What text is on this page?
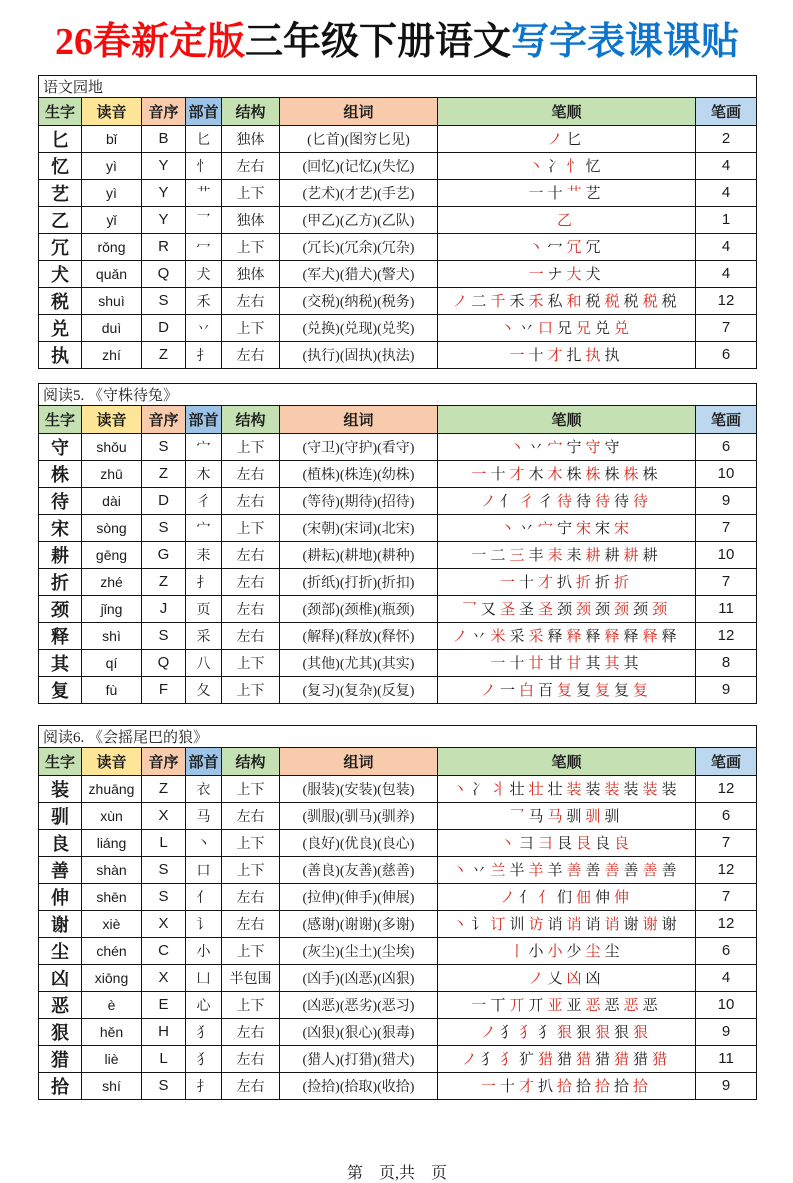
26春新定版三年级下册语文写字表课课贴
语文园地							
生字	读音	音序	部首	结构	组词	笔顺	笔画
匕	bǐ	B	匕	独体	(匕首)(图穷匕见)	ノ 匕	2
忆	yì	Y	忄	左右	(回忆)(记忆)(失忆)	丶 冫 忄 忆	4
艺	yì	Y	艹	上下	(艺术)(才艺)(手艺)	一 十 艹 艺	4
乙	yǐ	Y	乛	独体	(甲乙)(乙方)(乙队)	乙	1
冗	rǒng	R	冖	上下	(冗长)(冗余)(冗杂)	丶 冖 冗 冗	4
犬	quǎn	Q	犬	独体	(军犬)(猎犬)(警犬)	一 ナ 大 犬	4
税	shuì	S	禾	左右	(交税)(纳税)(税务)	ノ 二 千 禾 禾 私 和 税 税 税 税 税	12
兑	duì	D	丷	上下	(兑换)(兑现)(兑奖)	丶 丷 口 兄 兄 兑 兑	7
执	zhí	Z	扌	左右	(执行)(固执)(执法)	一 十 才 扎 执 执	6
阅读5. 《守株待兔》							
生字	读音	音序	部首	结构	组词	笔顺	笔画
守	shǒu	S	宀	上下	(守卫)(守护)(看守)	丶 丷 宀 宁 守 守	6
株	zhū	Z	木	左右	(植株)(株连)(幼株)	一 十 才 木 木 株 株 株 株 株	10
待	dài	D	彳	左右	(等待)(期待)(招待)	ノ 亻 彳 彳 待 待 待 待 待	9
宋	sòng	S	宀	上下	(宋朝)(宋词)(北宋)	丶 丷 宀 宁 宋 宋 宋	7
耕	gēng	G	耒	左右	(耕耘)(耕地)(耕种)	一 二 三 丰 耒 耒 耕 耕 耕 耕	10
折	zhé	Z	扌	左右	(折纸)(打折)(折扣)	一 十 才 扒 折 折 折	7
颈	jǐng	J	页	左右	(颈部)(颈椎)(瓶颈)	乛 又 圣 圣 圣 颈 颈 颈 颈 颈 颈	11
释	shì	S	采	左右	(解释)(释放)(释怀)	ノ 丷 米 采 采 释 释 释 释 释 释 释	12
其	qí	Q	八	上下	(其他)(尤其)(其实)	一 十 廿 甘 甘 其 其 其	8
复	fù	F	夂	上下	(复习)(复杂)(反复)	ノ 一 白 百 复 复 复 复 复	9
阅读6. 《会摇尾巴的狼》							
生字	读音	音序	部首	结构	组词	笔顺	笔画
装	zhuāng	Z	衣	上下	(服装)(安装)(包装)	丶 冫 丬 壮 壮 壮 装 装 装 装 装 装	12
驯	xùn	X	马	左右	(驯服)(驯马)(驯养)	乛 马 马 驯 驯 驯	6
良	liáng	L	丶	上下	(良好)(优良)(良心)	丶 彐 彐 艮 艮 良 良	7
善	shàn	S	口	上下	(善良)(友善)(慈善)	丶 丷 兰 半 羊 羊 善 善 善 善 善 善	12
伸	shēn	S	亻	左右	(拉伸)(伸手)(伸展)	ノ 亻 亻 们 佃 伸 伸	7
谢	xiè	X	讠	左右	(感谢)(谢谢)(多谢)	丶 讠 订 训 访 诮 诮 诮 诮 谢 谢 谢	12
尘	chén	C	小	上下	(灰尘)(尘土)(尘埃)	丨 小 小 少 尘 尘	6
凶	xiōng	X	凵	半包围	(凶手)(凶恶)(凶狠)	ノ 乂 凶 凶	4
恶	è	E	心	上下	(凶恶)(恶劣)(恶习)	一 丅 丌 丌 亚 亚 恶 恶 恶 恶	10
狠	hěn	H	犭	左右	(凶狠)(狠心)(狠毒)	ノ 犭 犭 犭 狠 狠 狠 狠 狠	9
猎	liè	L	犭	左右	(猎人)(打猎)(猎犬)	ノ 犭 犭 犷 猎 猎 猎 猎 猎 猎 猎	11
拾	shí	S	扌	左右	(捡拾)(拾取)(收拾)	一 十 才 扒 拾 拾 拾 拾 拾	9
第　页,共　页
